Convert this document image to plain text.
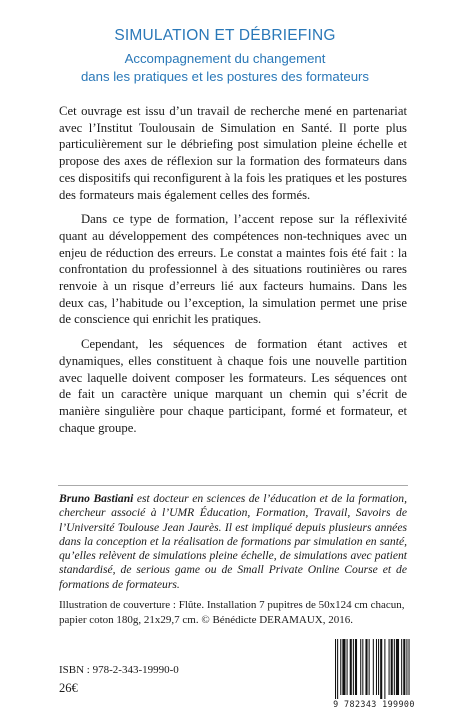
SIMULATION ET DÉBRIEFING
Accompagnement du changement
dans les pratiques et les postures des formateurs

Cet ouvrage est issu d’un travail de recherche mené en partenariat avec l’Institut Toulousain de Simulation en Santé. Il porte plus particulièrement sur le débriefing post simulation pleine échelle et propose des axes de réflexion sur la formation des formateurs dans ces dispositifs qui reconfigurent à la fois les pratiques et les postures des formateurs mais également celles des formés.

Dans ce type de formation, l’accent repose sur la réflexivité quant au développement des compétences non-techniques avec un enjeu de réduction des erreurs. Le constat a maintes fois été fait : la confrontation du professionnel à des situations routinières ou rares renvoie à un risque d’erreurs lié aux facteurs humains. Dans les deux cas, l’habitude ou l’exception, la simulation permet une prise de conscience qui enrichit les pratiques.

Cependant, les séquences de formation étant actives et dynamiques, elles constituent à chaque fois une nouvelle partition avec laquelle doivent composer les formateurs. Les séquences ont de fait un caractère unique marquant un chemin qui s’écrit de manière singulière pour chaque participant, formé et formateur, et chaque groupe.

Bruno Bastiani est docteur en sciences de l’éducation et de la formation, chercheur associé à l’UMR Éducation, Formation, Travail, Savoirs de l’Université Toulouse Jean Jaurès. Il est impliqué depuis plusieurs années dans la conception et la réalisation de formations par simulation en santé, qu’elles relèvent de simulations pleine échelle, de simulations avec patient standardisé, de serious game ou de Small Private Online Course et de formations de formateurs.
Illustration de couverture : Flûte. Installation 7 pupitres de 50x124 cm chacun, papier coton 180g, 21x29,7 cm. © Bénédicte DERAMAUX, 2016.
ISBN : 978-2-343-19990-0
26€
9 782343 199900
